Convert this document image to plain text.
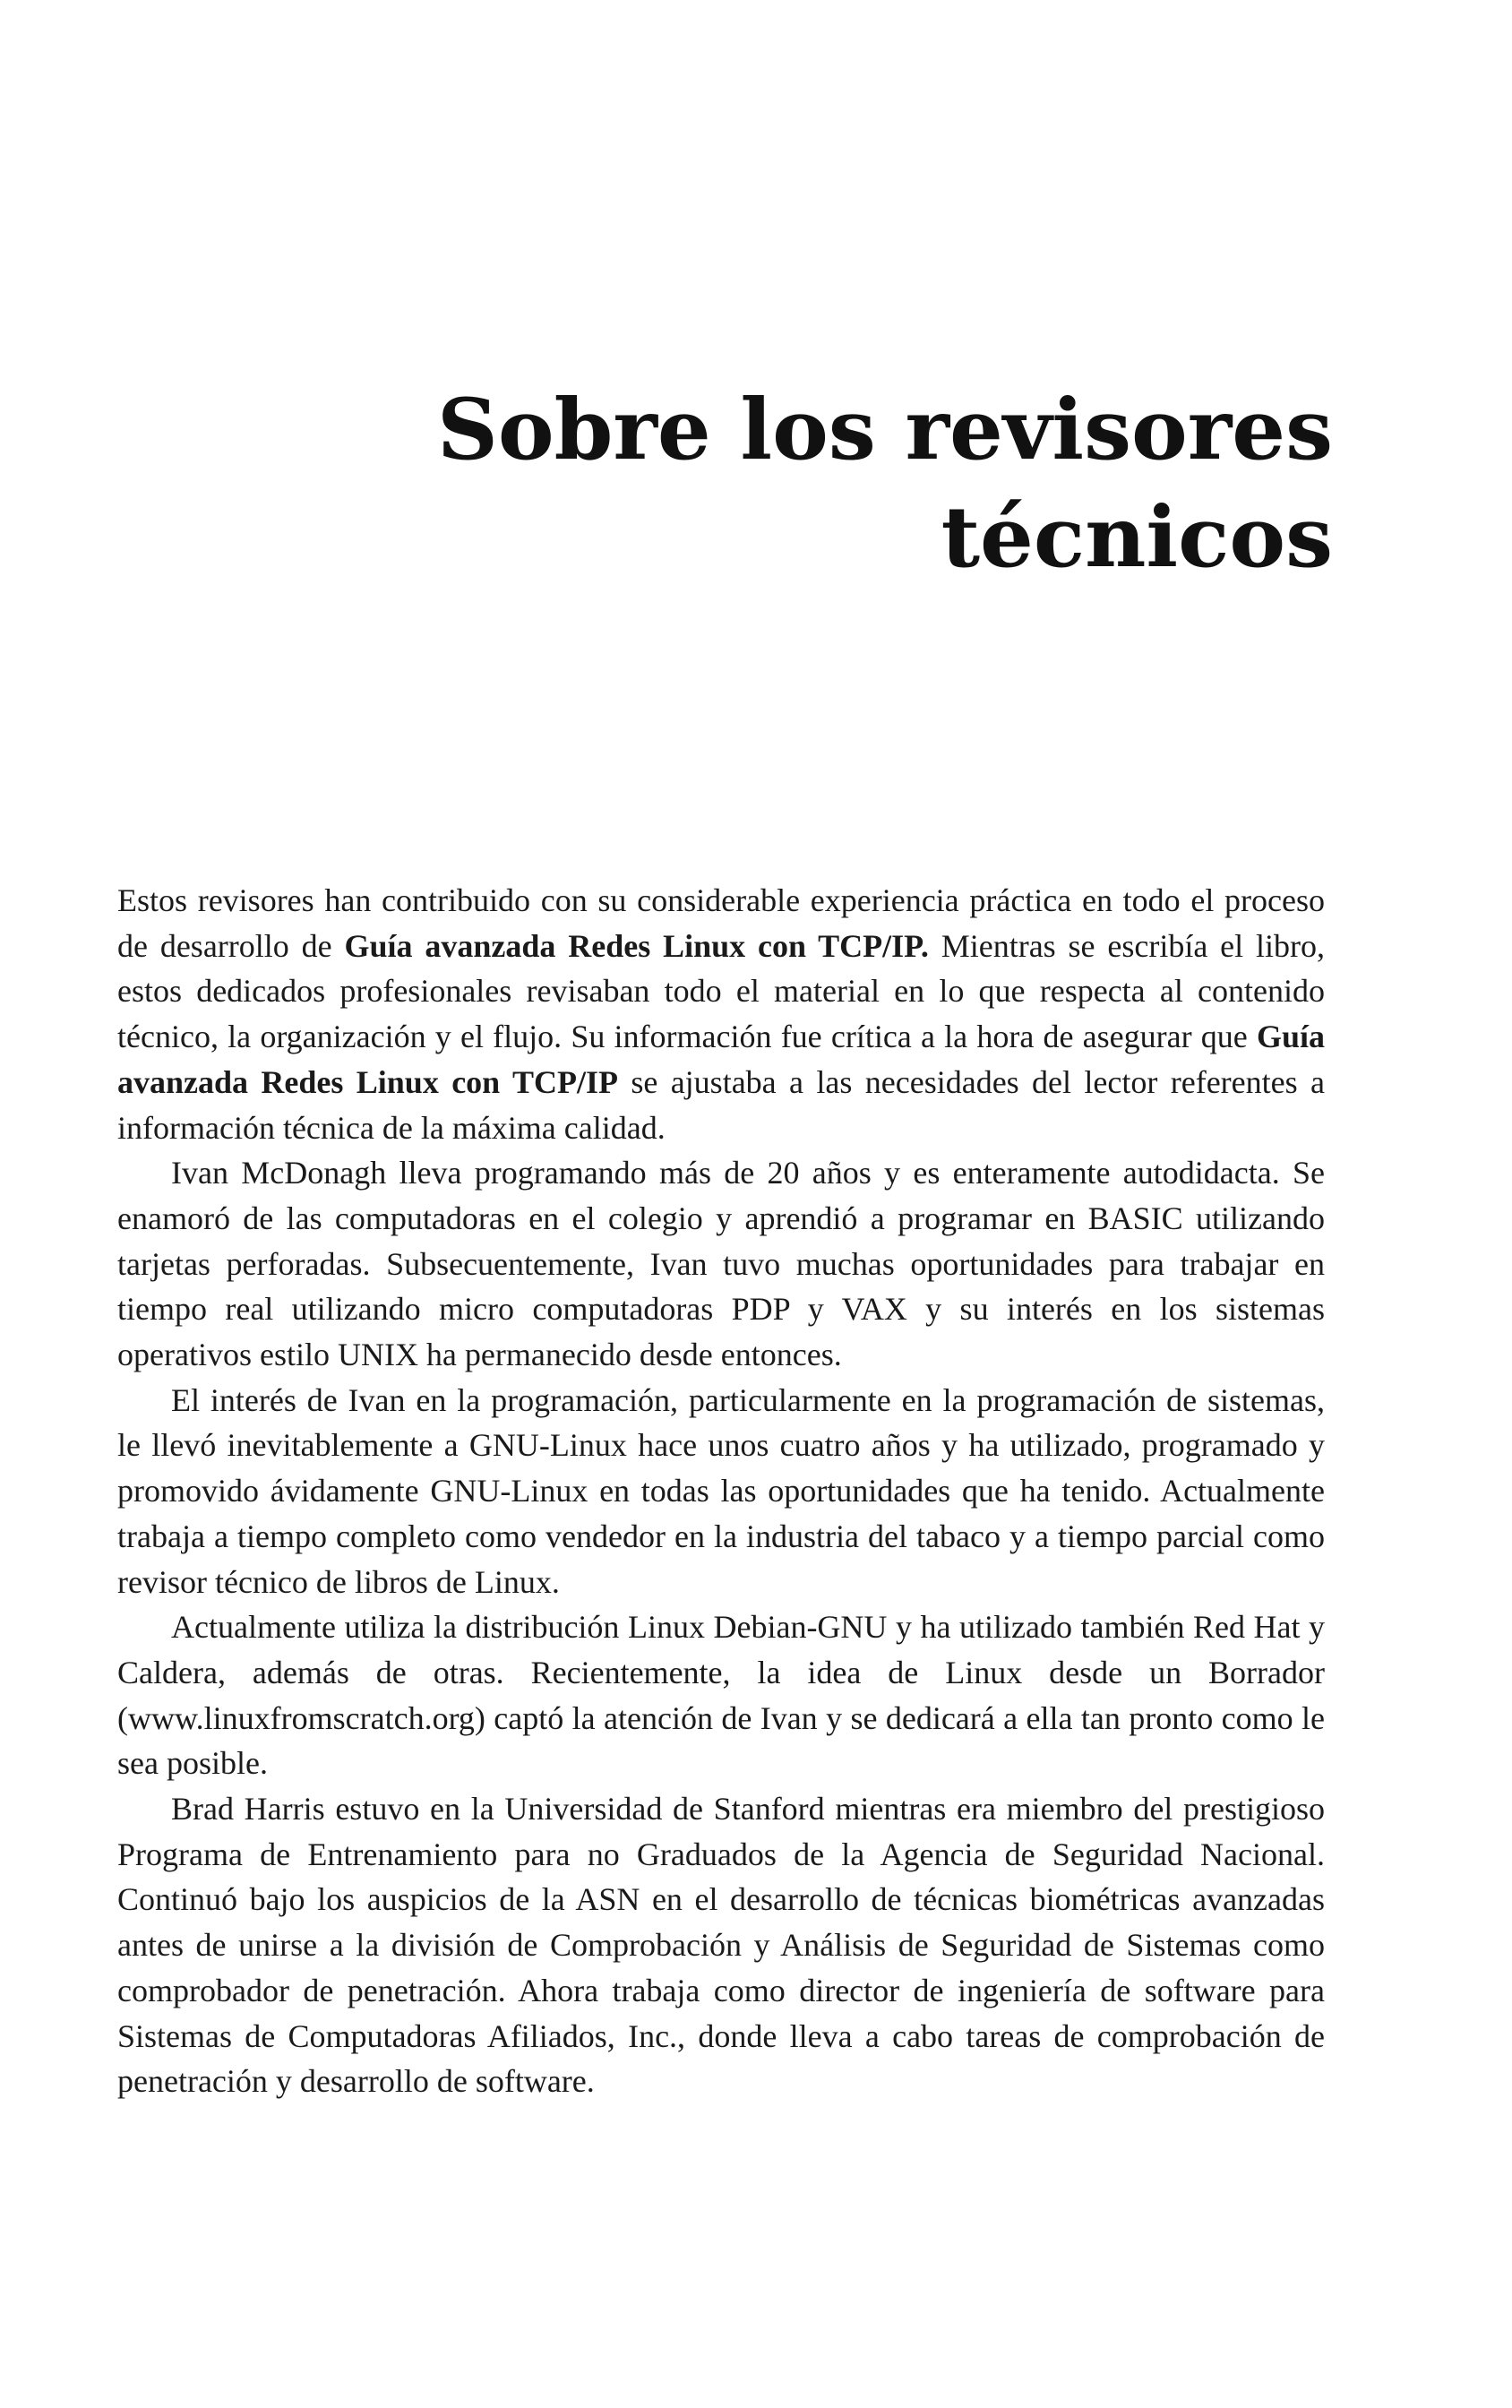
Sobre los revisores técnicos

Estos revisores han contribuido con su considerable experiencia práctica en todo el proceso de desarrollo de Guía avanzada Redes Linux con TCP/IP. Mientras se escribía el libro, estos dedicados profesionales revisaban todo el material en lo que respecta al contenido técnico, la organización y el flujo. Su información fue crítica a la hora de asegurar que Guía avanzada Redes Linux con TCP/IP se ajustaba a las necesidades del lector referentes a información técnica de la máxima calidad.

Ivan McDonagh lleva programando más de 20 años y es enteramente autodidacta. Se enamoró de las computadoras en el colegio y aprendió a programar en BASIC utilizando tarjetas perforadas. Subsecuentemente, Ivan tuvo muchas oportunidades para trabajar en tiempo real utilizando micro computadoras PDP y VAX y su interés en los sistemas operativos estilo UNIX ha permanecido desde entonces.

El interés de Ivan en la programación, particularmente en la programación de sistemas, le llevó inevitablemente a GNU-Linux hace unos cuatro años y ha utilizado, programado y promovido ávidamente GNU-Linux en todas las oportunidades que ha tenido. Actualmente trabaja a tiempo completo como vendedor en la industria del tabaco y a tiempo parcial como revisor técnico de libros de Linux.

Actualmente utiliza la distribución Linux Debian-GNU y ha utilizado también Red Hat y Caldera, además de otras. Recientemente, la idea de Linux desde un Borrador (www.linuxfromscratch.org) captó la atención de Ivan y se dedicará a ella tan pronto como le sea posible.

Brad Harris estuvo en la Universidad de Stanford mientras era miembro del prestigioso Programa de Entrenamiento para no Graduados de la Agencia de Seguridad Nacional. Continuó bajo los auspicios de la ASN en el desarrollo de técnicas biométricas avanzadas antes de unirse a la división de Comprobación y Análisis de Seguridad de Sistemas como comprobador de penetración. Ahora trabaja como director de ingeniería de software para Sistemas de Computadoras Afiliados, Inc., donde lleva a cabo tareas de comprobación de penetración y desarrollo de software.
